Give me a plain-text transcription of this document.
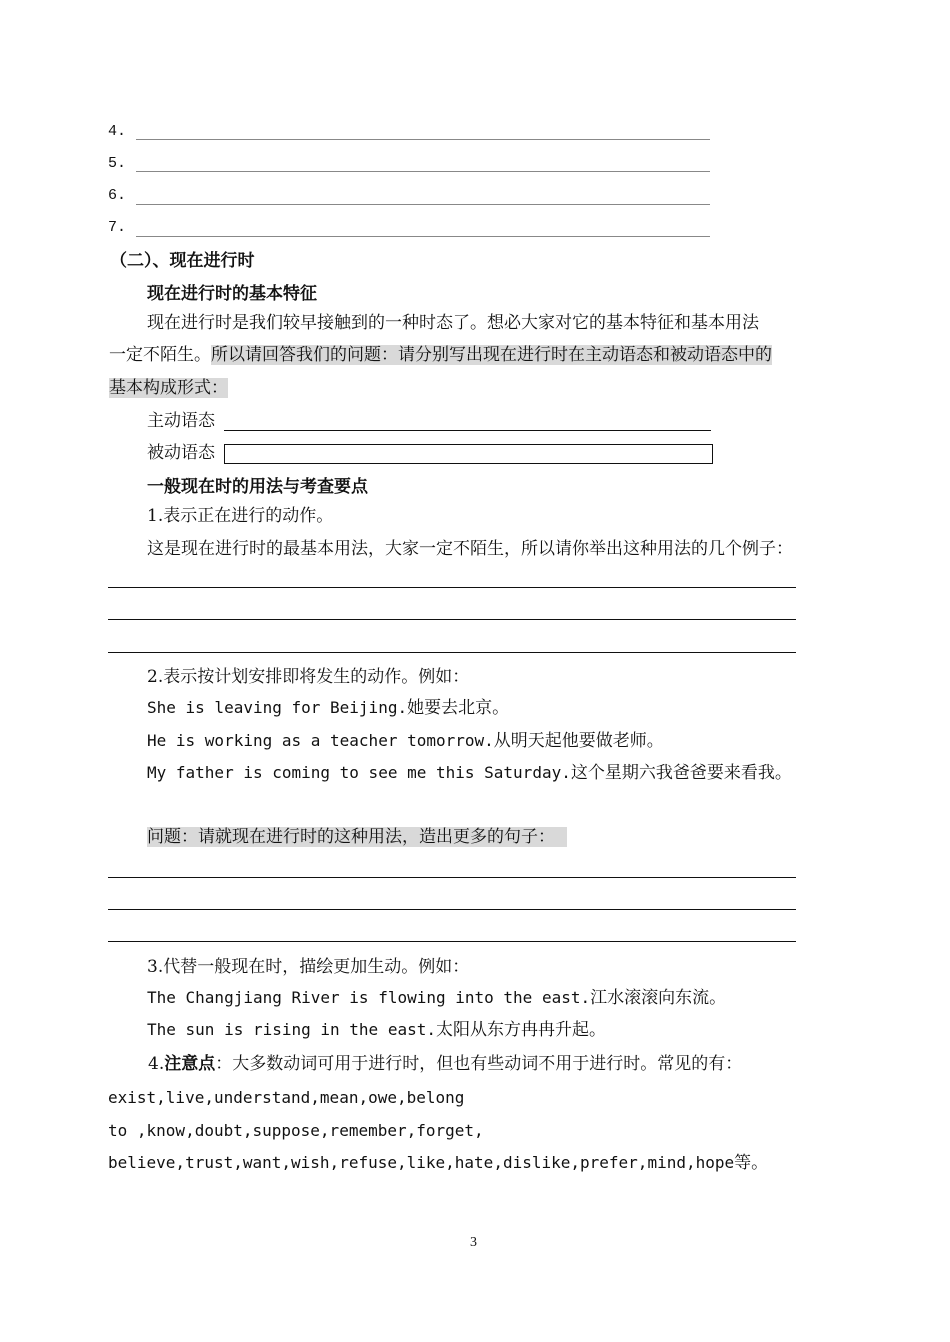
4.
5.
6.
7.
（二）、现在进行时
现在进行时的基本特征
现在进行时是我们较早接触到的一种时态了。想必大家对它的基本特征和基本用法
一定不陌生。所以请回答我们的问题：请分别写出现在进行时在主动语态和被动语态中的
基本构成形式：
主动语态
被动语态
一般现在时的用法与考查要点
1.表示正在进行的动作。
这是现在进行时的最基本用法，大家一定不陌生，所以请你举出这种用法的几个例子：
2.表示按计划安排即将发生的动作。例如：
She is leaving for Beijing.她要去北京。
He is working as a teacher tomorrow.从明天起他要做老师。
My father is coming to see me this Saturday.这个星期六我爸爸要来看我。
问题：请就现在进行时的这种用法，造出更多的句子：
3.代替一般现在时，描绘更加生动。例如：
The Changjiang River is flowing into the east.江水滚滚向东流。
The sun is rising in the east.太阳从东方冉冉升起。
4.注意点：大多数动词可用于进行时，但也有些动词不用于进行时。常见的有：
exist,live,understand,mean,owe,belong
to ,know,doubt,suppose,remember,forget,
believe,trust,want,wish,refuse,like,hate,dislike,prefer,mind,hope等。
3
